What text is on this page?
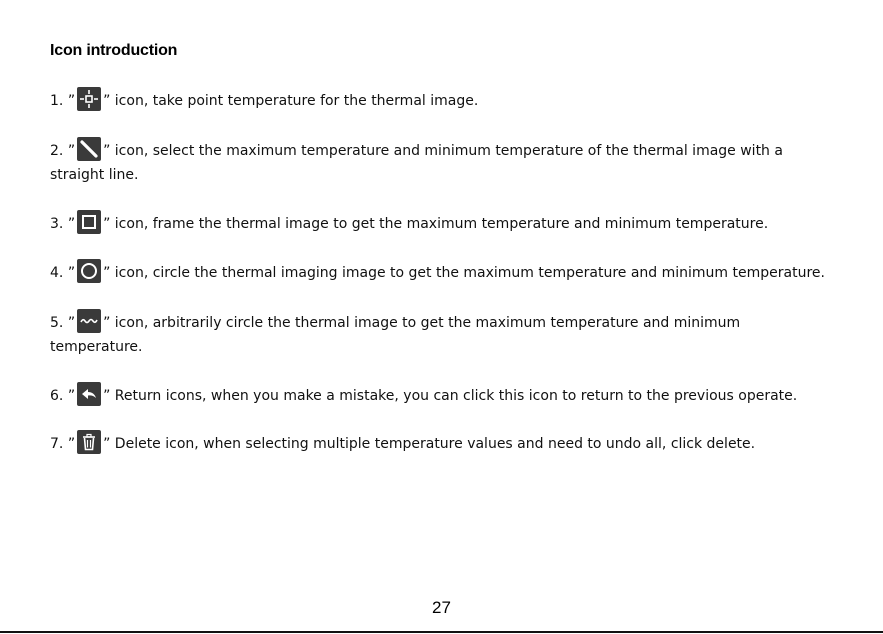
Icon introduction
1. ” ” icon, take point temperature for the thermal image.
2. ” ” icon, select the maximum temperature and minimum temperature of the thermal image with a
straight line.
3. ” ” icon, frame the thermal image to get the maximum temperature and minimum temperature.
4. ” ” icon, circle the thermal imaging image to get the maximum temperature and minimum temperature.
5. ” ” icon, arbitrarily circle the thermal image to get the maximum temperature and minimum
temperature.
6. ” ” Return icons, when you make a mistake, you can click this icon to return to the previous operate.
7. ” ” Delete icon, when selecting multiple temperature values and need to undo all, click delete.
27
